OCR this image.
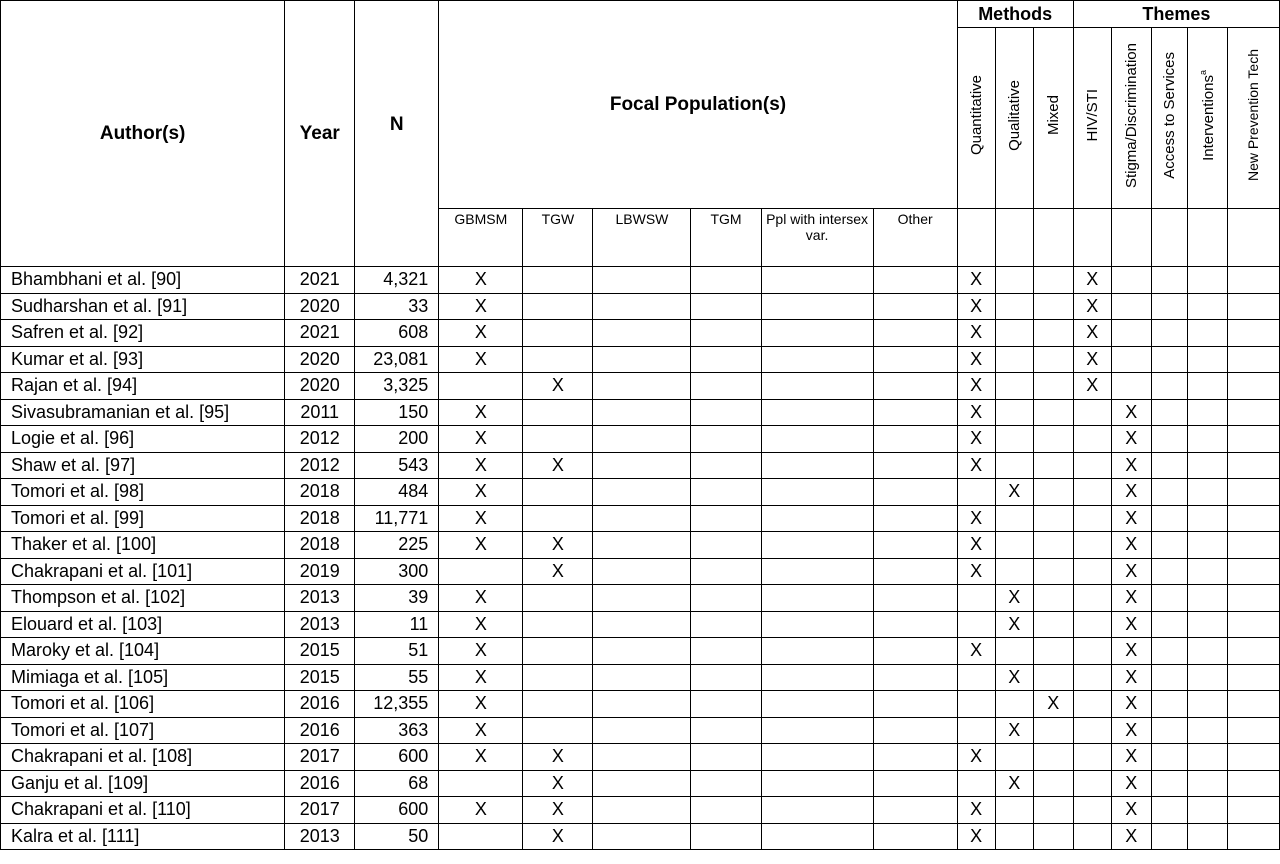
Author(s)	Year	N	Focal Population(s)						Methods			Themes				
									Quantitative	Qualitative	Mixed	HIV/STI	Stigma/Discrimination	Access to Services	Interventions$^a$	New Prevention Tech
			GBMSM	TGW	LBWSW	TGM	Ppl with intersex var.	Other								
Bhambhani et al. [90]	2021	4,321	X						X			X				
Sudharshan et al. [91]	2020	33	X						X			X				
Safren et al. [92]	2021	608	X						X			X				
Kumar et al. [93]	2020	23,081	X						X			X				
Rajan et al. [94]	2020	3,325		X					X			X				
Sivasubramanian et al. [95]	2011	150	X						X				X			
Logie et al. [96]	2012	200	X						X				X			
Shaw et al. [97]	2012	543	X	X					X				X			
Tomori et al. [98]	2018	484	X							X			X			
Tomori et al. [99]	2018	11,771	X						X				X			
Thaker et al. [100]	2018	225	X	X					X				X			
Chakrapani et al. [101]	2019	300		X					X				X			
Thompson et al. [102]	2013	39	X							X			X			
Elouard et al. [103]	2013	11	X							X			X			
Maroky et al. [104]	2015	51	X						X				X			
Mimiaga et al. [105]	2015	55	X							X			X			
Tomori et al. [106]	2016	12,355	X								X		X			
Tomori et al. [107]	2016	363	X							X			X			
Chakrapani et al. [108]	2017	600	X	X					X				X			
Ganju et al. [109]	2016	68		X						X			X			
Chakrapani et al. [110]	2017	600	X	X					X				X			
Kalra et al. [111]	2013	50		X					X				X			
